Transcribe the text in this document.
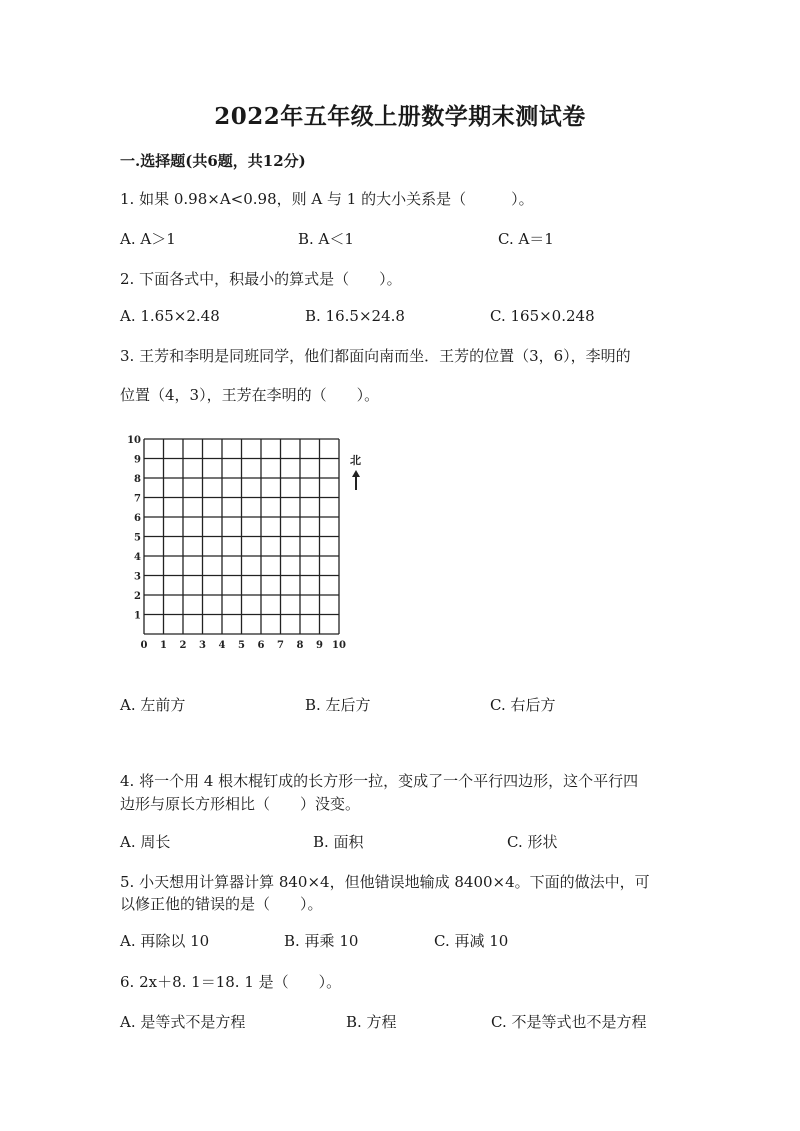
2022年五年级上册数学期末测试卷
一.选择题(共6题，共12分)
1. 如果 0.98×A<0.98，则 A 与 1 的大小关系是（　　　）。
A. A＞1	B. A＜1	C. A＝1
2. 下面各式中，积最小的算式是（　　）。
A. 1.65×2.48	B. 16.5×24.8	C. 165×0.248
3. 王芳和李明是同班同学，他们都面向南而坐．王芳的位置（3，6），李明的
位置（4，3），王芳在李明的（　　）。
0 1 2 3 4 5 6 7 8 9 10
1
2
3
4
5
6
7
8
9
10
北
A. 左前方	B. 左后方	C. 右后方
4. 将一个用 4 根木棍钉成的长方形一拉，变成了一个平行四边形，这个平行四
边形与原长方形相比（　　）没变。
A. 周长	B. 面积	C. 形状
5. 小天想用计算器计算 840×4，但他错误地输成 8400×4。下面的做法中，可
以修正他的错误的是（　　）。
A. 再除以 10	B. 再乘 10	C. 再减 10
6. 2x＋8. 1＝18. 1 是（　　）。
A. 是等式不是方程	B. 方程	C. 不是等式也不是方程
